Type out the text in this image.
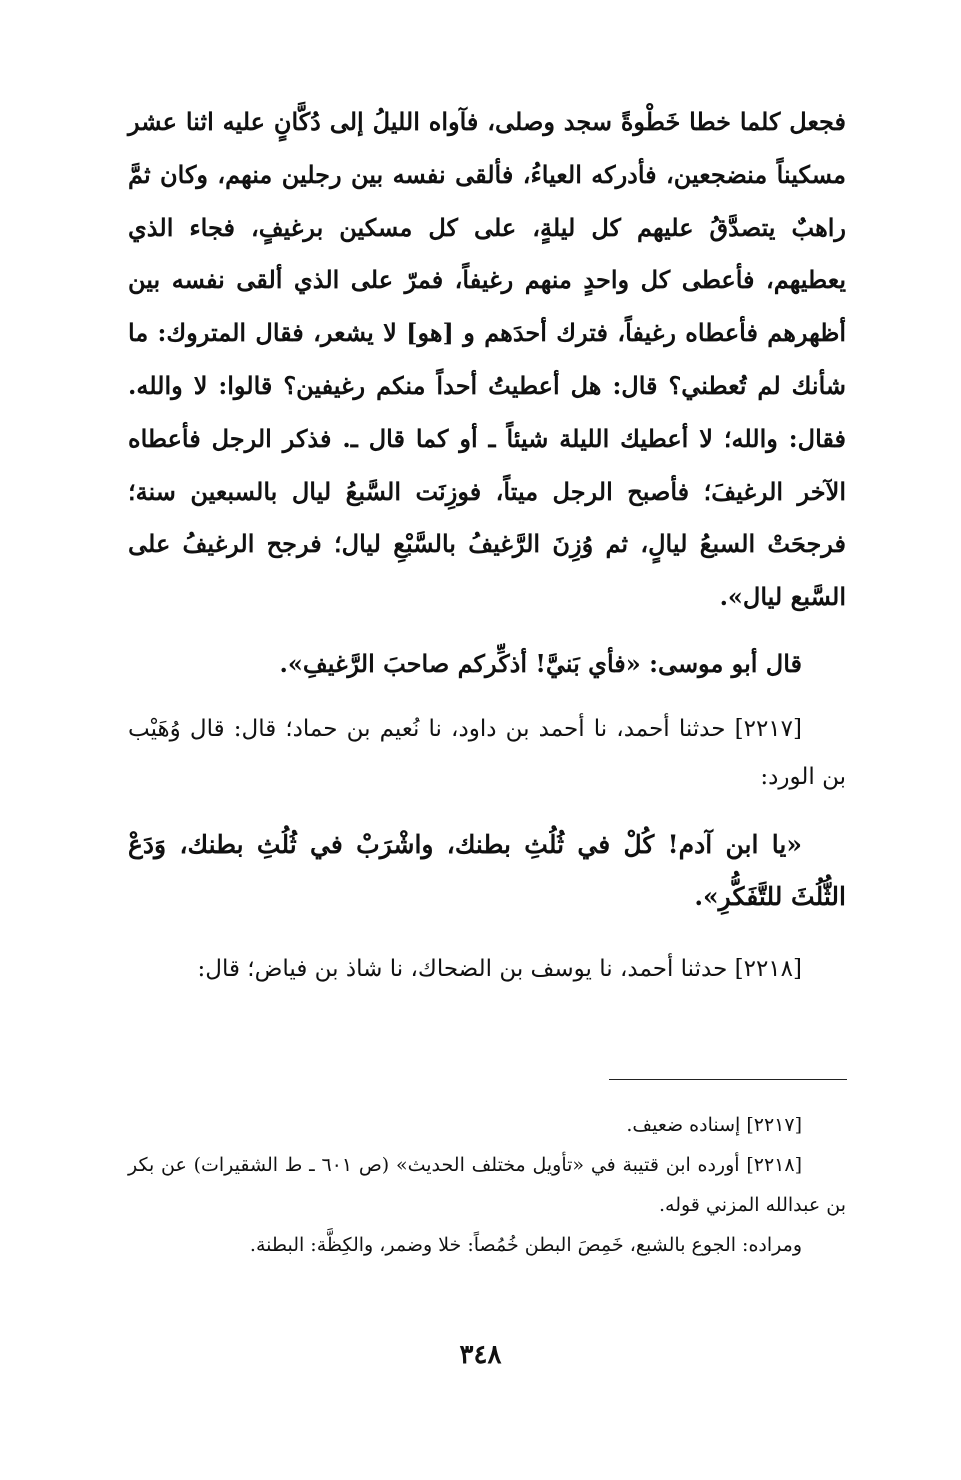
فجعل كلما خطا خَطْوةً سجد وصلى، فآواه الليلُ إلى دُكَّانٍ عليه اثنا عشر مسكيناً منضجعين، فأدركه العياءُ، فألقى نفسه بين رجلين منهم، وكان ثمَّ راهبٌ يتصدَّقُ عليهم كل ليلةٍ، على كل مسكين برغيفٍ، فجاء الذي يعطيهم، فأعطى كل واحدٍ منهم رغيفاً، فمرّ على الذي ألقى نفسه بين أظهرهم فأعطاه رغيفاً، فترك أحدَهم و [هو] لا يشعر، فقال المتروك: ما شأنك لم تُعطني؟ قال: هل أعطيتُ أحداً منكم رغيفين؟ قالوا: لا والله. فقال: والله؛ لا أعطيك الليلة شيئاً ـ أو كما قال ـ. فذكر الرجل فأعطاه الآخر الرغيفَ؛ فأصبح الرجل ميتاً، فوزِنَت السَّبعُ ليال بالسبعين سنة؛ فرجحَتْ السبعُ ليالٍ، ثم وُزِنَ الرَّغيفُ بالسَّبْعِ ليال؛ فرجح الرغيفُ على السَّبع ليال».

قال أبو موسى: «فأي بَنيَّ! أذكِّركم صاحبَ الرَّغيفِ».

[٢٢١٧] حدثنا أحمد، نا أحمد بن داود، نا نُعيم بن حماد؛ قال: قال وُهَيْب بن الورد:

«يا ابن آدم! كُلْ في ثُلُثِ بطنك، واشْرَبْ في ثُلُثِ بطنك، وَدَعْ الثُّلُثَ للتَّفَكُّرِ».

[٢٢١٨] حدثنا أحمد، نا يوسف بن الضحاك، نا شاذ بن فياض؛ قال:

[٢٢١٧] إسناده ضعيف.

[٢٢١٨] أورده ابن قتيبة في «تأويل مختلف الحديث» (ص ٦٠١ ـ ط الشقيرات) عن بكر بن عبدالله المزني قوله.

ومراده: الجوع بالشبع، خَمِصَ البطن خُمُصاً: خلا وضمر، والكِظَّة: البطنة.

٣٤٨
